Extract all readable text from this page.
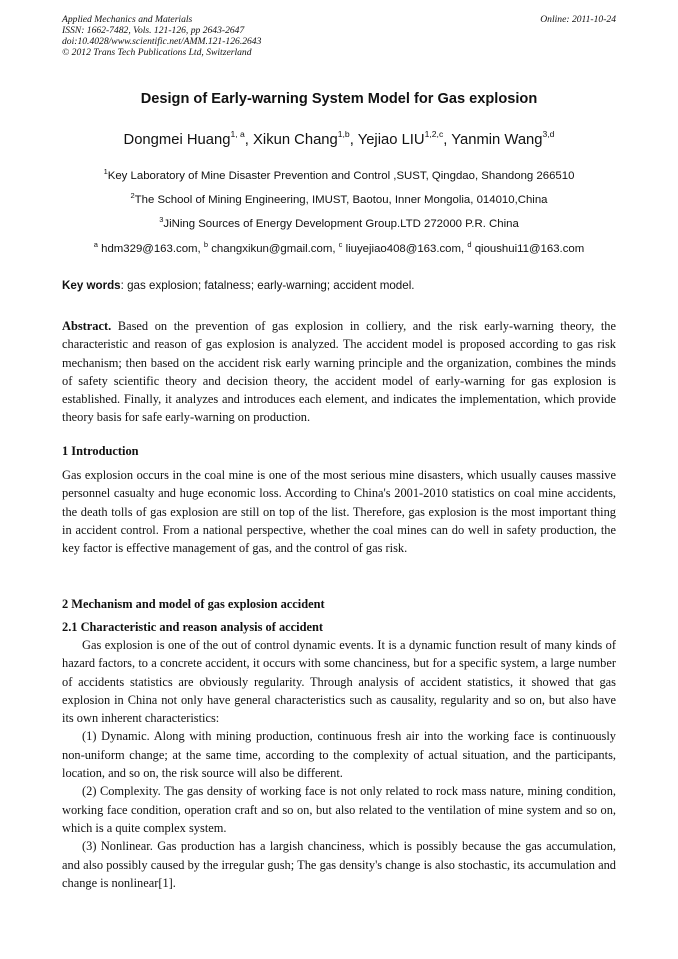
Applied Mechanics and Materials
ISSN: 1662-7482, Vols. 121-126, pp 2643-2647
doi:10.4028/www.scientific.net/AMM.121-126.2643
© 2012 Trans Tech Publications Ltd, Switzerland
Online: 2011-10-24
Design of Early-warning System Model for Gas explosion
Dongmei Huang$^{1, a}$, Xikun Chang$^{1,b}$, Yejiao LIU$^{1,2,c}$, Yanmin Wang$^{3,d}$
$^1$Key Laboratory of Mine Disaster Prevention and Control ,SUST, Qingdao, Shandong 266510
$^2$The School of Mining Engineering, IMUST, Baotou, Inner Mongolia, 014010,China
$^3$JiNing Sources of Energy Development Group.LTD 272000 P.R. China
$^a$ hdm329@163.com, $^b$ changxikun@gmail.com, $^c$ liuyejiao408@163.com, $^d$ qioushui11@163.com
Key words: gas explosion; fatalness; early-warning; accident model.

Abstract. Based on the prevention of gas explosion in colliery, and the risk early-warning theory, the characteristic and reason of gas explosion is analyzed. The accident model is proposed according to gas risk mechanism; then based on the accident risk early warning principle and the organization, combines the minds of safety scientific theory and decision theory, the accident model of early-warning for gas explosion is established. Finally, it analyzes and introduces each element, and indicates the implementation, which provide theory basis for safe early-warning on production.

1 Introduction

Gas explosion occurs in the coal mine is one of the most serious mine disasters, which usually causes massive personnel casualty and huge economic loss. According to China's 2001-2010 statistics on coal mine accidents, the death tolls of gas explosion are still on top of the list. Therefore, gas explosion is the most important thing in accident control. From a national perspective, whether the coal mines can do well in safety production, the key factor is effective management of gas, and the control of gas risk.

2 Mechanism and model of gas explosion accident
2.1 Characteristic and reason analysis of accident

Gas explosion is one of the out of control dynamic events. It is a dynamic function result of many kinds of hazard factors, to a concrete accident, it occurs with some chanciness, but for a specific system, a large number of accidents statistics are obviously regularity. Through analysis of accident statistics, it showed that gas explosion in China not only have general characteristics such as causality, regularity and so on, but also have its own inherent characteristics:

(1) Dynamic. Along with mining production, continuous fresh air into the working face is continuously non-uniform change; at the same time, according to the complexity of actual situation, and the participants, location, and so on, the risk source will also be different.

(2) Complexity. The gas density of working face is not only related to rock mass nature, mining condition, working face condition, operation craft and so on, but also related to the ventilation of mine system and so on, which is a quite complex system.

(3) Nonlinear. Gas production has a largish chanciness, which is possibly because the gas accumulation, and also possibly caused by the irregular gush; The gas density's change is also stochastic, its accumulation and change is nonlinear[1].
